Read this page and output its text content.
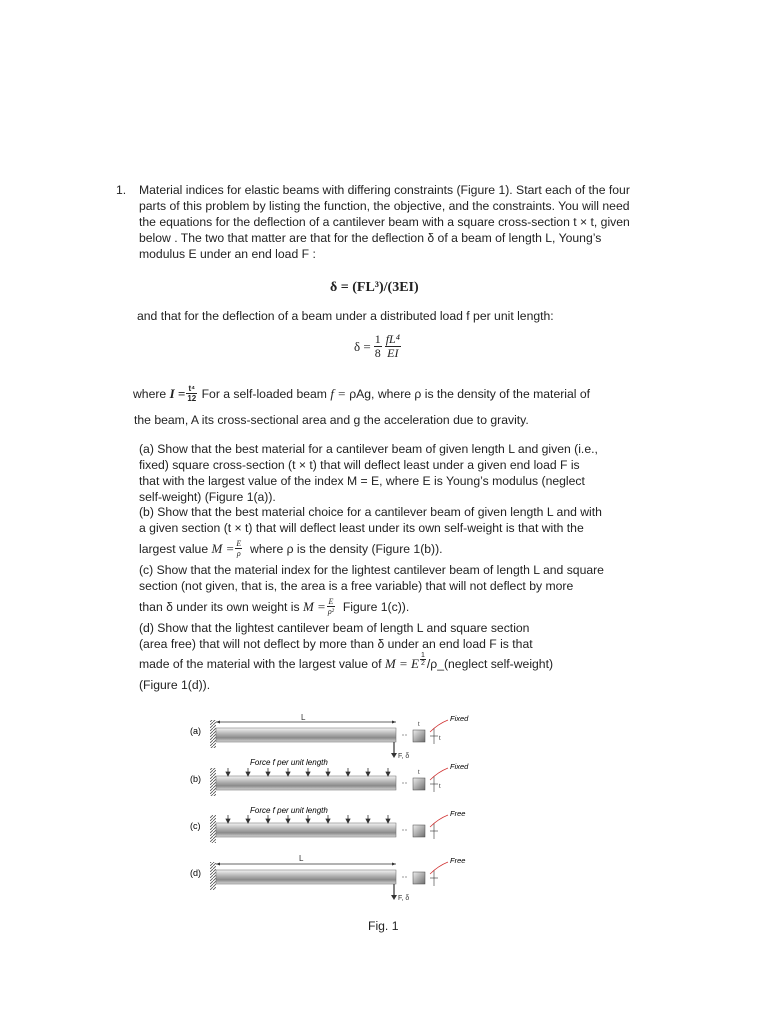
1. Material indices for elastic beams with differing constraints (Figure 1). Start each of the four
parts of this problem by listing the function, the objective, and the constraints. You will need
the equations for the deflection of a cantilever beam with a square cross-section t × t, given
below . The two that matter are that for the deflection δ of a beam of length L, Young’s
modulus E under an end load F :
δ = (FL³)/(3EI)
and that for the deflection of a beam under a distributed load f per unit length:
$\delta = \frac{1}{8} \frac{\text{fL⁴}}{EI}$
where $I = \frac{\text{t⁴}}{12}$ For a self-loaded beam f = ρAg, where ρ is the density of the material of
the beam, A its cross-sectional area and g the acceleration due to gravity.
(a) Show that the best material for a cantilever beam of given length L and given (i.e.,
fixed) square cross-section (t × t) that will deflect least under a given end load F is
that with the largest value of the index M = E, where E is Young’s modulus (neglect
self-weight) (Figure 1(a)).
(b) Show that the best material choice for a cantilever beam of given length L and with
a given section (t × t) that will deflect least under its own self-weight is that with the
largest value $M = \frac{E}{\rho}$ where ρ is the density (Figure 1(b)).
(c) Show that the material index for the lightest cantilever beam of length L and square
section (not given, that is, the area is a free variable) that will not deflect by more
than δ under its own weight is $M = \frac{E}{\text{ρ²}}$ Figure 1(c)).
(d) Show that the lightest cantilever beam of length L and square section
(area free) that will not deflect by more than δ under an end load F is that
made of the material with the largest value of M = E $\frac{1}{2}$ /ρ_(neglect self-weight)
(Figure 1(d)).
(a)
L
F, δ
t
t
Fixed
(b)
Force f per unit length
t
t
Fixed
(c)
Force f per unit length	Free
(d)
L
F, δ
Free
Fig. 1
